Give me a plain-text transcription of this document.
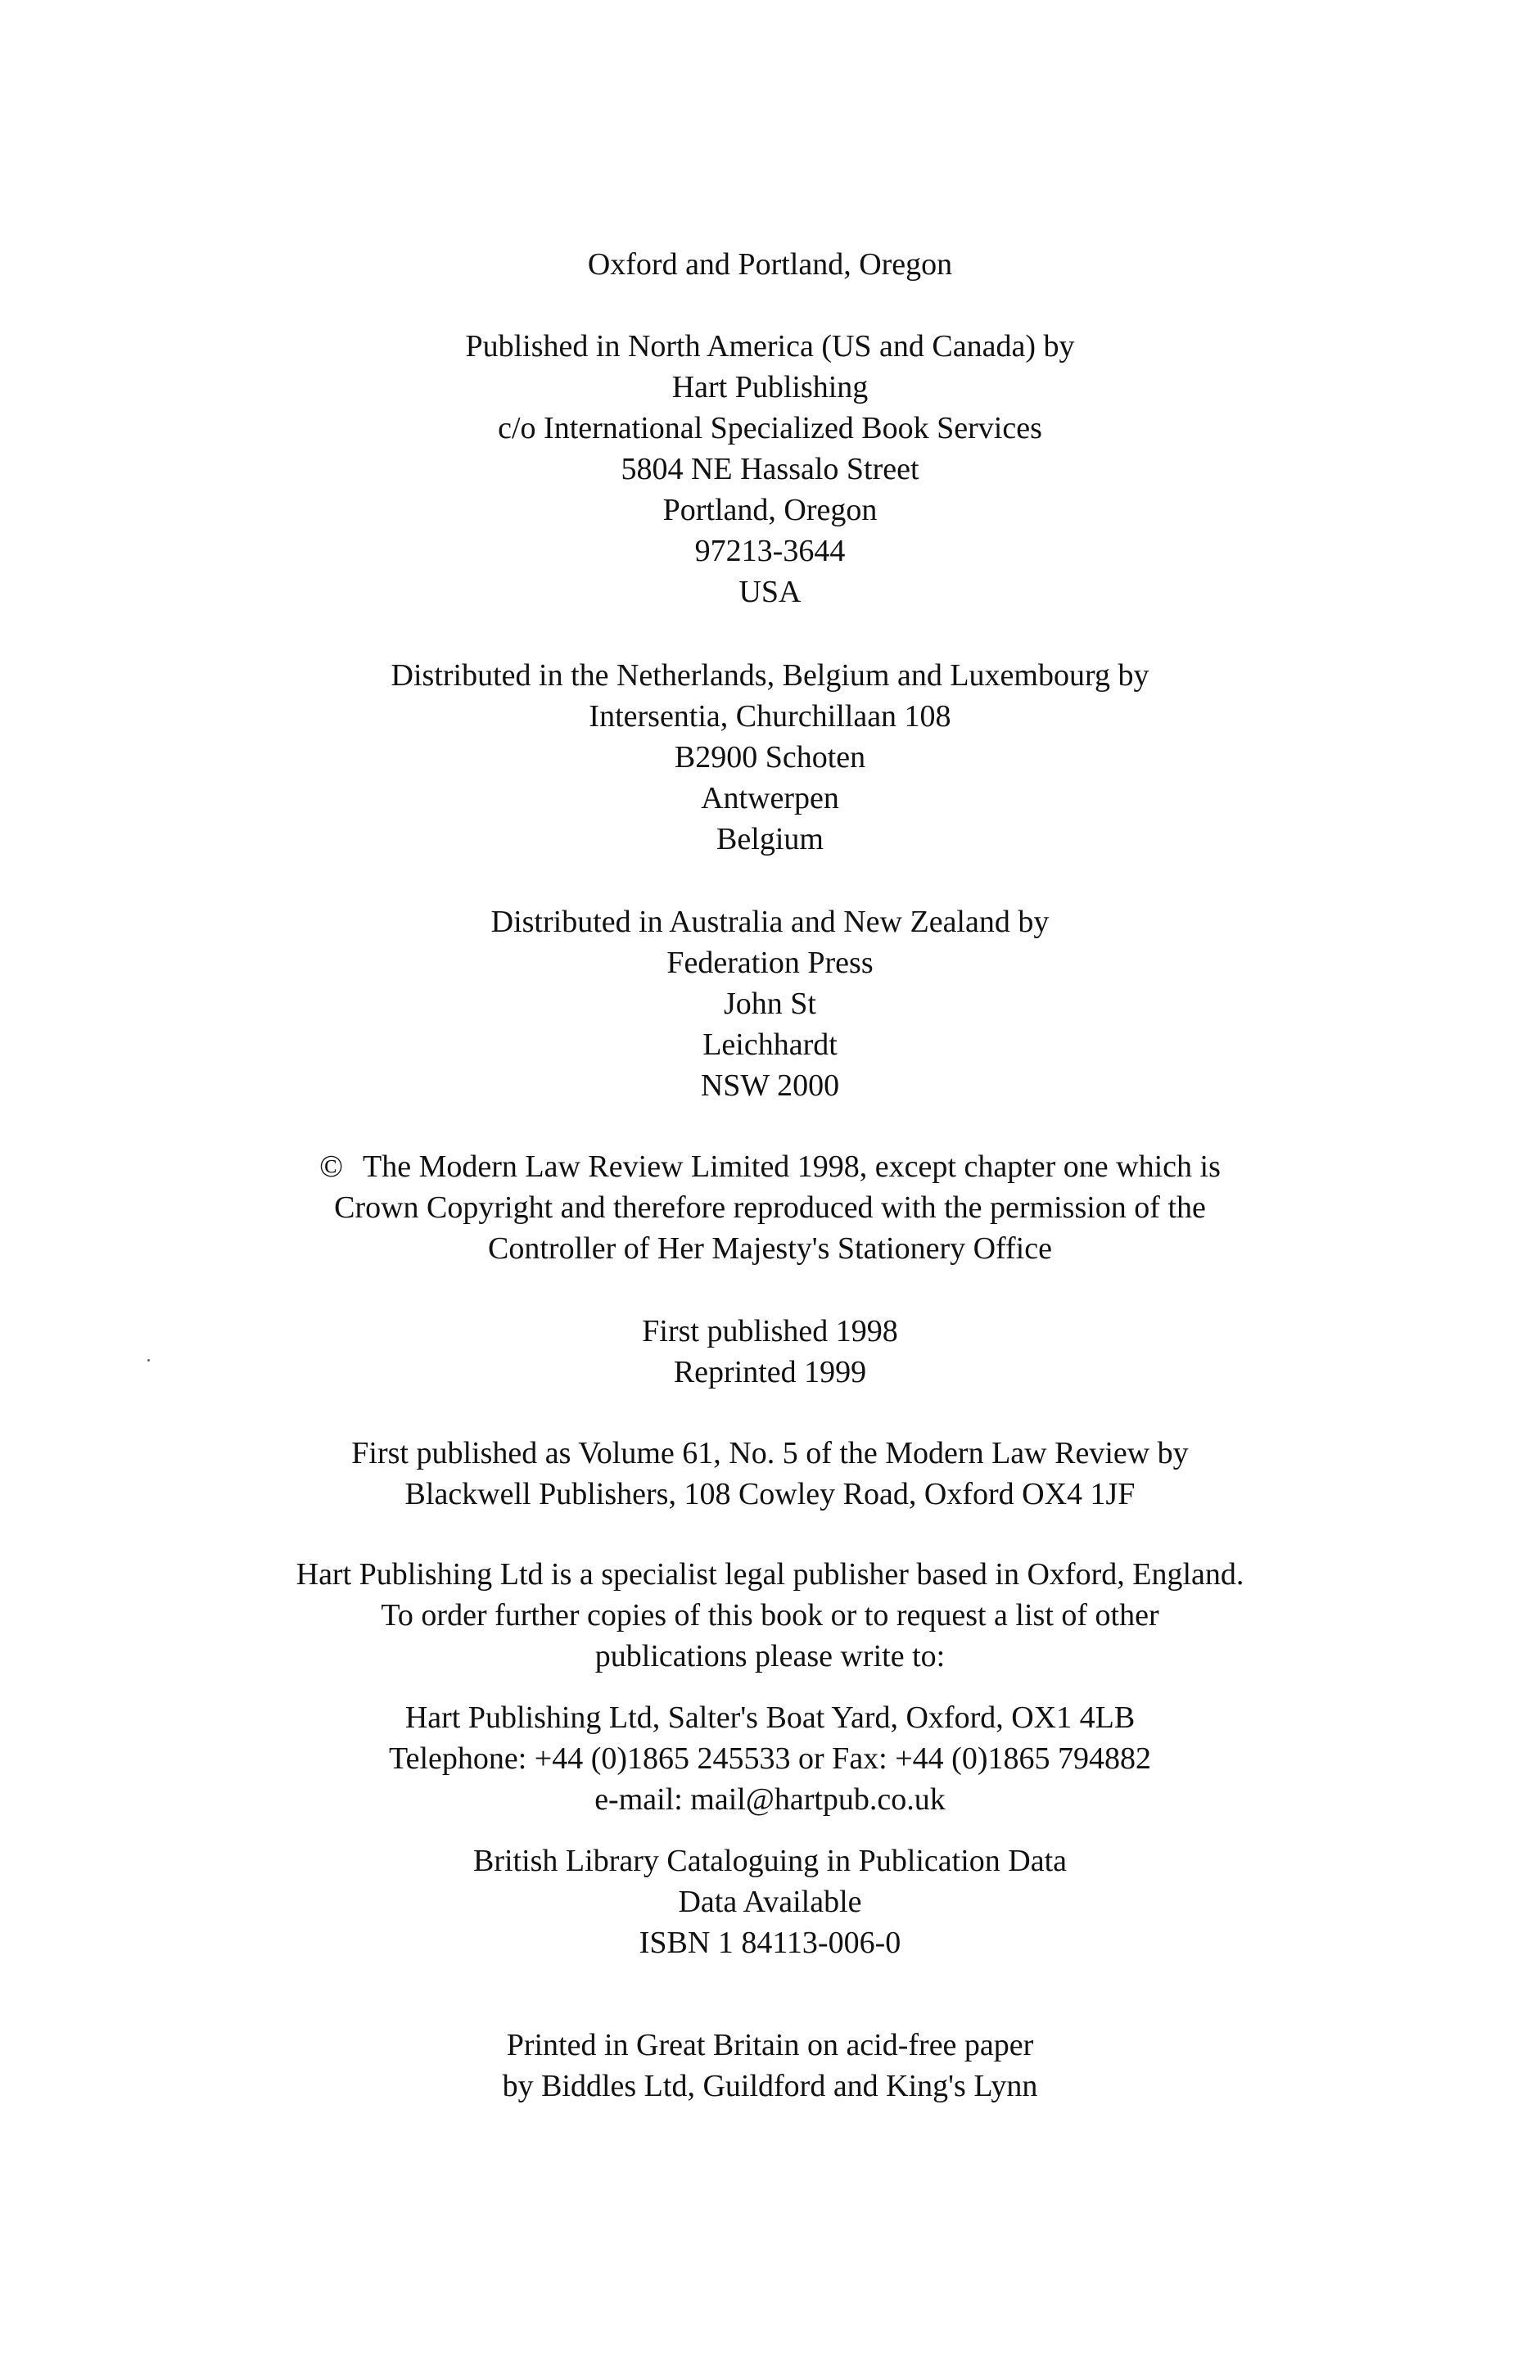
Oxford and Portland, Oregon
Published in North America (US and Canada) by
Hart Publishing
c/o International Specialized Book Services
5804 NE Hassalo Street
Portland, Oregon
97213-3644
USA
Distributed in the Netherlands, Belgium and Luxembourg by
Intersentia, Churchillaan 108
B2900 Schoten
Antwerpen
Belgium
Distributed in Australia and New Zealand by
Federation Press
John St
Leichhardt
NSW 2000
© The Modern Law Review Limited 1998, except chapter one which is
Crown Copyright and therefore reproduced with the permission of the
Controller of Her Majesty's Stationery Office
First published 1998
Reprinted 1999
First published as Volume 61, No. 5 of the Modern Law Review by
Blackwell Publishers, 108 Cowley Road, Oxford OX4 1JF
Hart Publishing Ltd is a specialist legal publisher based in Oxford, England.
To order further copies of this book or to request a list of other
publications please write to:
Hart Publishing Ltd, Salter's Boat Yard, Oxford, OX1 4LB
Telephone: +44 (0)1865 245533 or Fax: +44 (0)1865 794882
e-mail: mail@hartpub.co.uk
British Library Cataloguing in Publication Data
Data Available
ISBN 1 84113-006-0
Printed in Great Britain on acid-free paper
by Biddles Ltd, Guildford and King's Lynn
